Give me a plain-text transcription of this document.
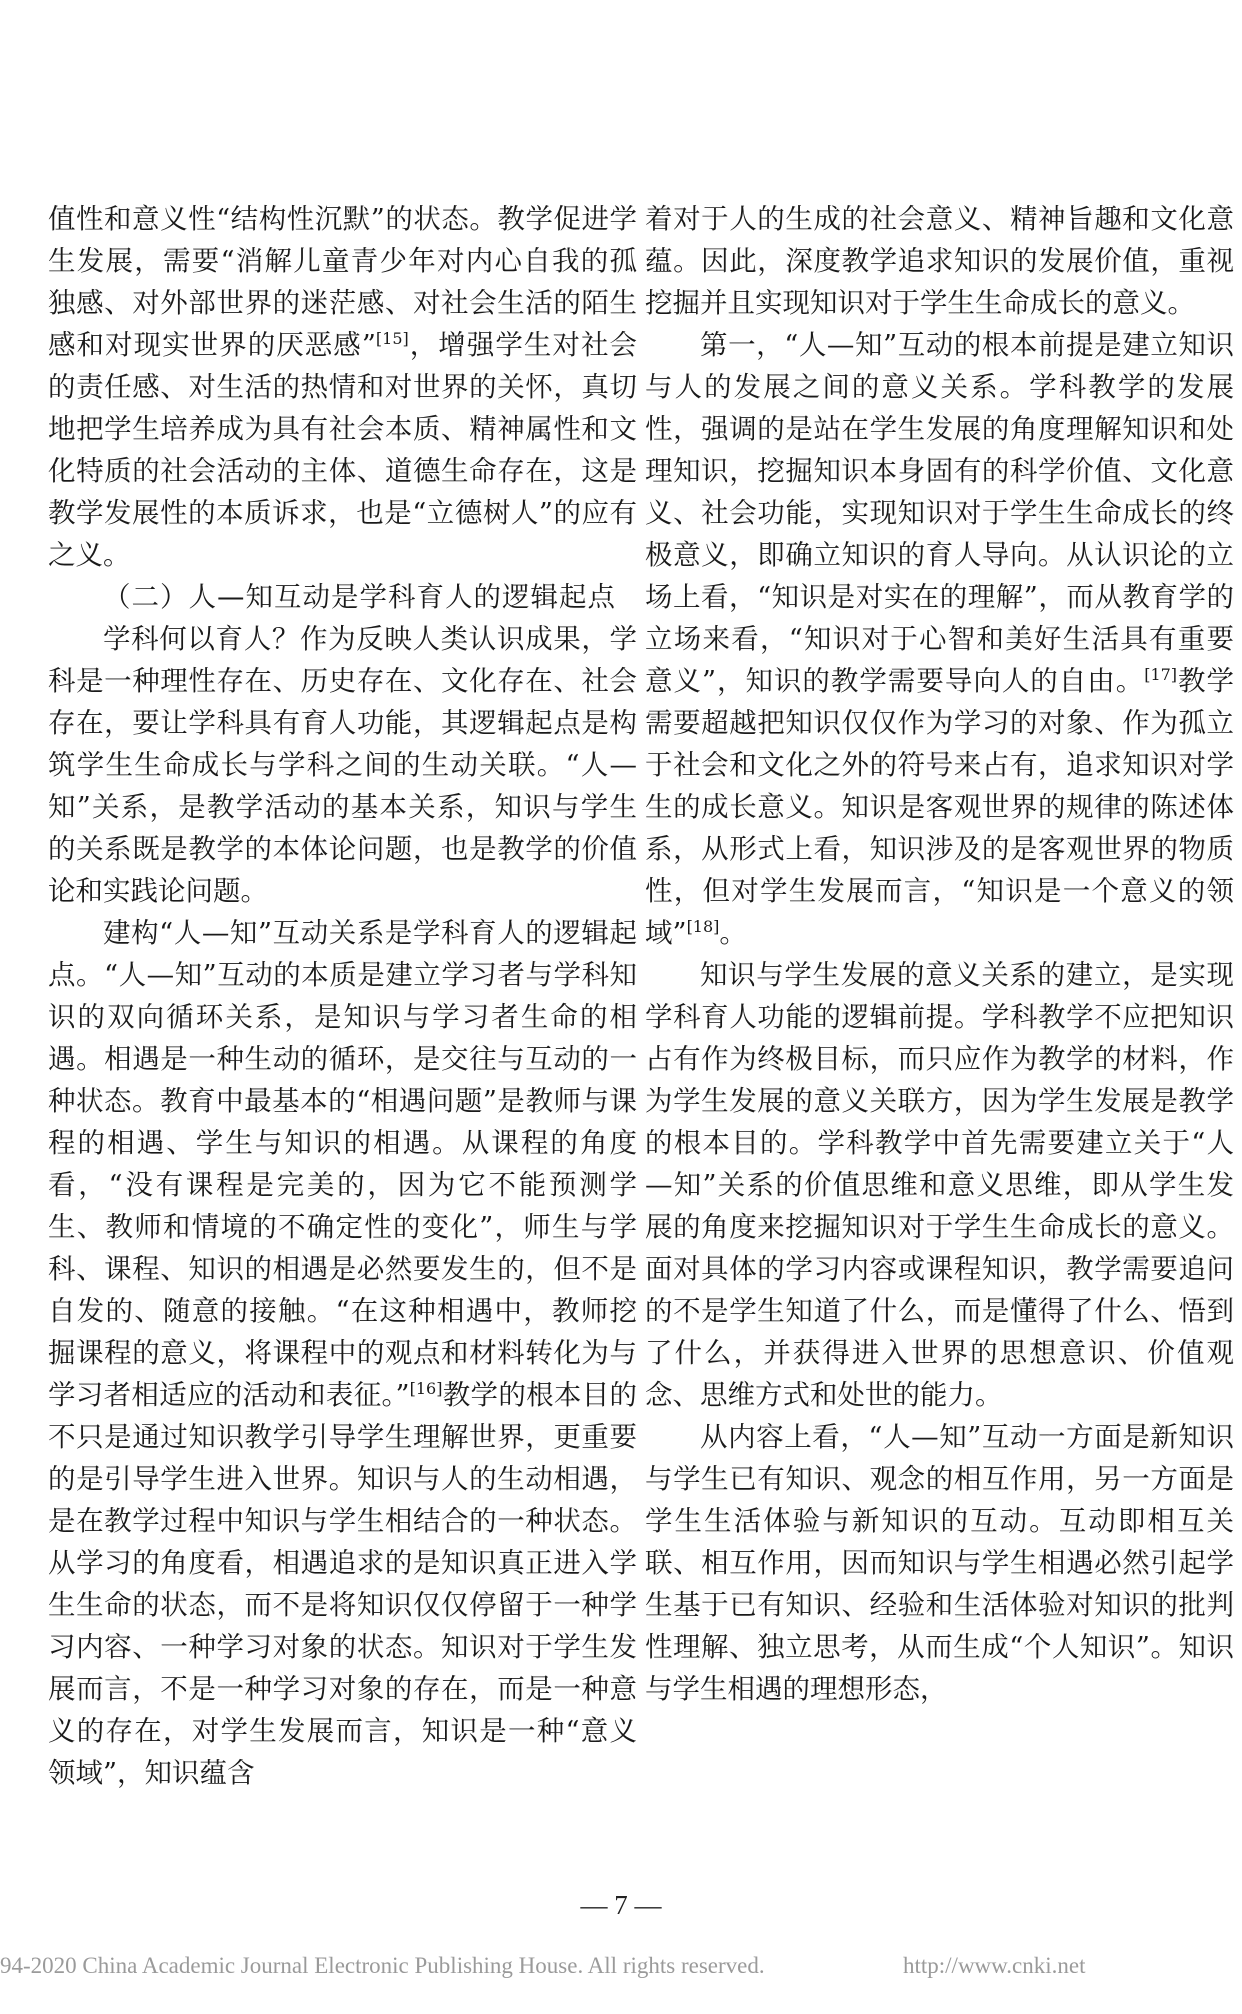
值性和意义性“结构性沉默”的状态。教学促进学生发展，需要“消解儿童青少年对内心自我的孤独感、对外部世界的迷茫感、对社会生活的陌生感和对现实世界的厌恶感”[15]，增强学生对社会的责任感、对生活的热情和对世界的关怀，真切地把学生培养成为具有社会本质、精神属性和文化特质的社会活动的主体、道德生命存在，这是教学发展性的本质诉求，也是“立德树人”的应有之义。

（二）人—知互动是学科育人的逻辑起点

学科何以育人？作为反映人类认识成果，学科是一种理性存在、历史存在、文化存在、社会存在，要让学科具有育人功能，其逻辑起点是构筑学生生命成长与学科之间的生动关联。“人—知”关系，是教学活动的基本关系，知识与学生的关系既是教学的本体论问题，也是教学的价值论和实践论问题。

建构“人—知”互动关系是学科育人的逻辑起点。“人—知”互动的本质是建立学习者与学科知识的双向循环关系，是知识与学习者生命的相遇。相遇是一种生动的循环，是交往与互动的一种状态。教育中最基本的“相遇问题”是教师与课程的相遇、学生与知识的相遇。从课程的角度看，“没有课程是完美的，因为它不能预测学生、教师和情境的不确定性的变化”，师生与学科、课程、知识的相遇是必然要发生的，但不是自发的、随意的接触。“在这种相遇中，教师挖掘课程的意义，将课程中的观点和材料转化为与学习者相适应的活动和表征。”[16]教学的根本目的不只是通过知识教学引导学生理解世界，更重要的是引导学生进入世界。知识与人的生动相遇，是在教学过程中知识与学生相结合的一种状态。从学习的角度看，相遇追求的是知识真正进入学生生命的状态，而不是将知识仅仅停留于一种学习内容、一种学习对象的状态。知识对于学生发展而言，不是一种学习对象的存在，而是一种意义的存在，对学生发展而言，知识是一种“意义领域”，知识蕴含

着对于人的生成的社会意义、精神旨趣和文化意蕴。因此，深度教学追求知识的发展价值，重视挖掘并且实现知识对于学生生命成长的意义。

第一，“人—知”互动的根本前提是建立知识与人的发展之间的意义关系。学科教学的发展性，强调的是站在学生发展的角度理解知识和处理知识，挖掘知识本身固有的科学价值、文化意义、社会功能，实现知识对于学生生命成长的终极意义，即确立知识的育人导向。从认识论的立场上看，“知识是对实在的理解”，而从教育学的立场来看，“知识对于心智和美好生活具有重要意义”，知识的教学需要导向人的自由。[17]教学需要超越把知识仅仅作为学习的对象、作为孤立于社会和文化之外的符号来占有，追求知识对学生的成长意义。知识是客观世界的规律的陈述体系，从形式上看，知识涉及的是客观世界的物质性，但对学生发展而言，“知识是一个意义的领域”[18]。

知识与学生发展的意义关系的建立，是实现学科育人功能的逻辑前提。学科教学不应把知识占有作为终极目标，而只应作为教学的材料，作为学生发展的意义关联方，因为学生发展是教学的根本目的。学科教学中首先需要建立关于“人—知”关系的价值思维和意义思维，即从学生发展的角度来挖掘知识对于学生生命成长的意义。面对具体的学习内容或课程知识，教学需要追问的不是学生知道了什么，而是懂得了什么、悟到了什么，并获得进入世界的思想意识、价值观念、思维方式和处世的能力。

从内容上看，“人—知”互动一方面是新知识与学生已有知识、观念的相互作用，另一方面是学生生活体验与新知识的互动。互动即相互关联、相互作用，因而知识与学生相遇必然引起学生基于已有知识、经验和生活体验对知识的批判性理解、独立思考，从而生成“个人知识”。知识与学生相遇的理想形态，

— 7 —
94-2020 China Academic Journal Electronic Publishing House. All rights reserved.	http://www.cnki.net
